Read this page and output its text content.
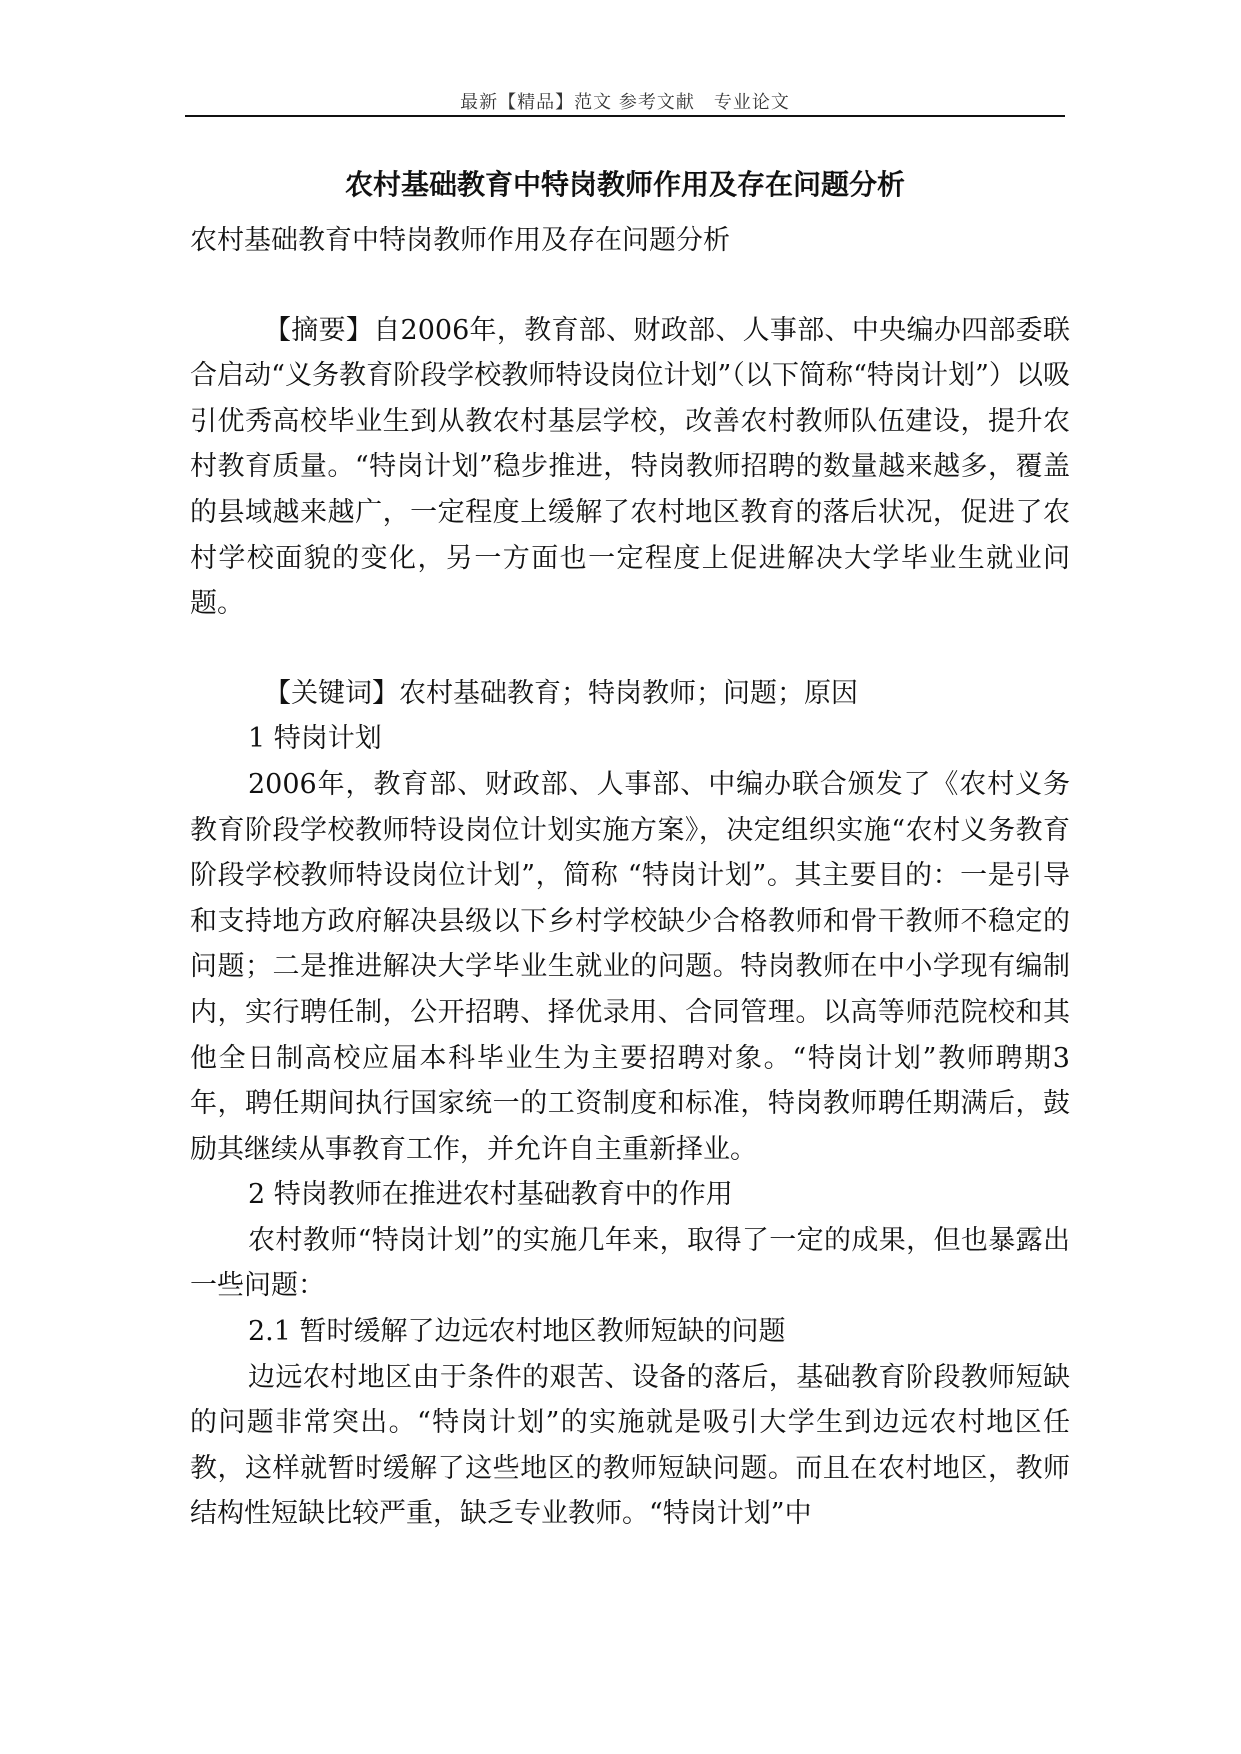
最新【精品】范文 参考文献　专业论文
农村基础教育中特岗教师作用及存在问题分析

农村基础教育中特岗教师作用及存在问题分析

【摘要】自2006年，教育部、财政部、人事部、中央编办四部委联合启动“义务教育阶段学校教师特设岗位计划”（以下简称“特岗计划”）以吸引优秀高校毕业生到从教农村基层学校，改善农村教师队伍建设，提升农村教育质量。“特岗计划”稳步推进，特岗教师招聘的数量越来越多，覆盖的县域越来越广，一定程度上缓解了农村地区教育的落后状况，促进了农村学校面貌的变化，另一方面也一定程度上促进解决大学毕业生就业问题。

【关键词】农村基础教育；特岗教师；问题；原因

1 特岗计划

2006年，教育部、财政部、人事部、中编办联合颁发了《农村义务教育阶段学校教师特设岗位计划实施方案》，决定组织实施“农村义务教育阶段学校教师特设岗位计划”，简称 “特岗计划”。其主要目的：一是引导和支持地方政府解决县级以下乡村学校缺少合格教师和骨干教师不稳定的问题；二是推进解决大学毕业生就业的问题。特岗教师在中小学现有编制内，实行聘任制，公开招聘、择优录用、合同管理。以高等师范院校和其他全日制高校应届本科毕业生为主要招聘对象。“特岗计划”教师聘期3年，聘任期间执行国家统一的工资制度和标准，特岗教师聘任期满后，鼓励其继续从事教育工作，并允许自主重新择业。

2 特岗教师在推进农村基础教育中的作用

农村教师“特岗计划”的实施几年来，取得了一定的成果，但也暴露出一些问题：

2.1 暂时缓解了边远农村地区教师短缺的问题

边远农村地区由于条件的艰苦、设备的落后，基础教育阶段教师短缺的问题非常突出。“特岗计划”的实施就是吸引大学生到边远农村地区任教，这样就暂时缓解了这些地区的教师短缺问题。而且在农村地区，教师结构性短缺比较严重，缺乏专业教师。“特岗计划”中
